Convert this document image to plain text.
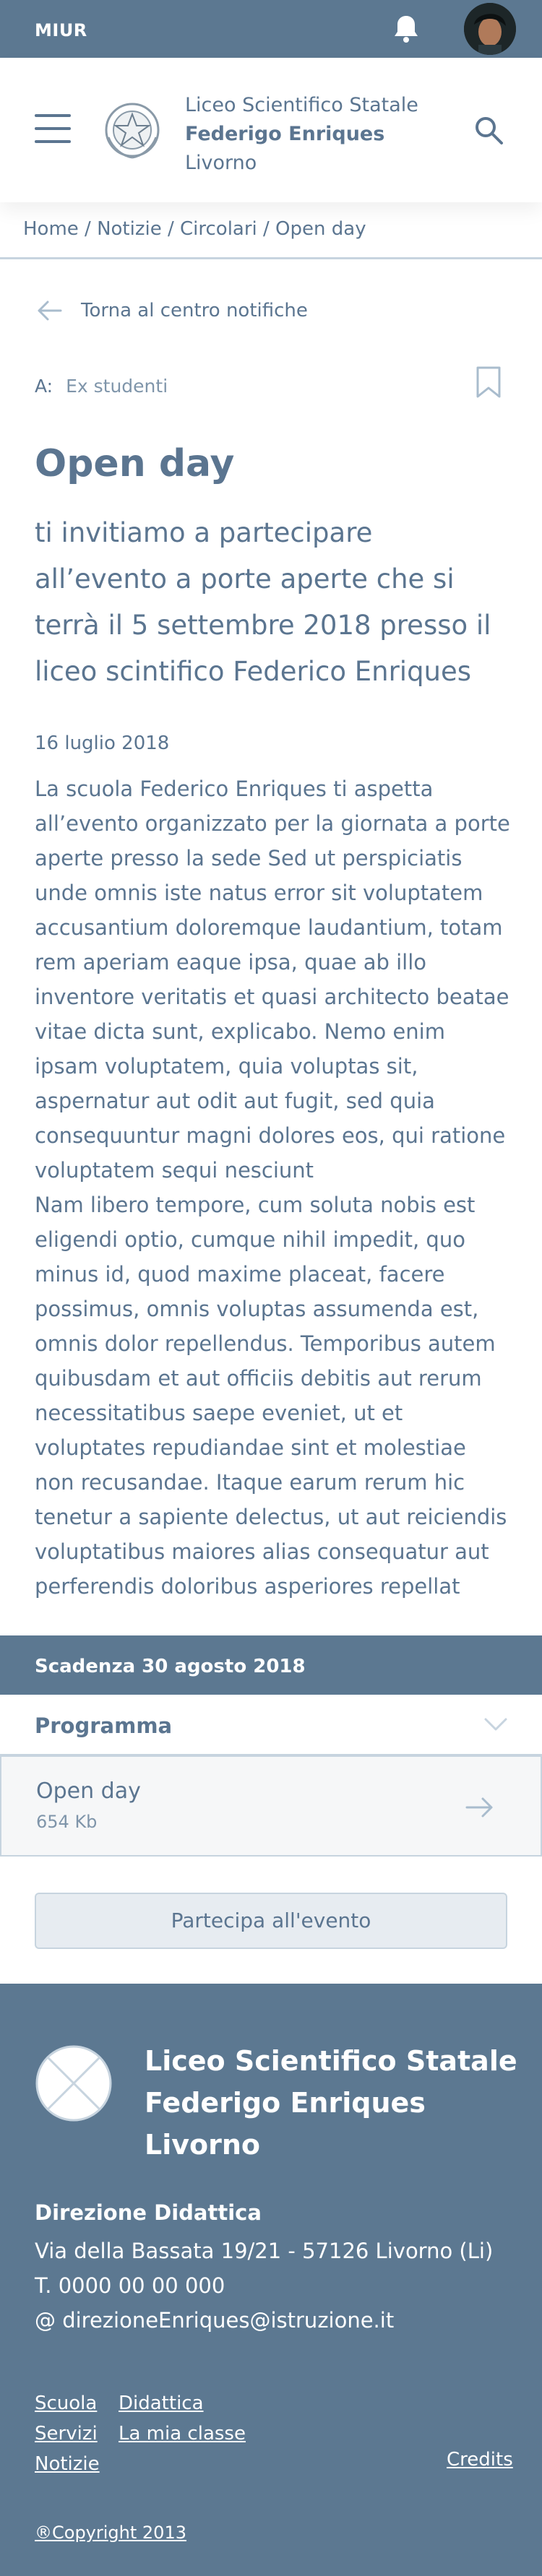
MIUR
Liceo Scientifico Statale
Federigo Enriques
Livorno
Home / Notizie / Circolari / Open day
Torna al centro notifiche
A: Ex studenti
Open day
ti invitiamo a partecipare all’evento a porte aperte che si terrà il 5 settembre 2018 presso il liceo scintifico Federico Enriques
16 luglio 2018

La scuola Federico Enriques ti aspetta all’evento organizzato per la giornata a porte aperte presso la sede Sed ut perspiciatis unde omnis iste natus error sit voluptatem accusantium doloremque laudantium, totam rem aperiam eaque ipsa, quae ab illo inventore veritatis et quasi architecto beatae vitae dicta sunt, explicabo. Nemo enim ipsam voluptatem, quia voluptas sit, aspernatur aut odit aut fugit, sed quia consequuntur magni dolores eos, qui ratione voluptatem sequi nesciunt

Nam libero tempore, cum soluta nobis est eligendi optio, cumque nihil impedit, quo minus id, quod maxime placeat, facere possimus, omnis voluptas assumenda est, omnis dolor repellendus. Temporibus autem quibusdam et aut officiis debitis aut rerum necessitatibus saepe eveniet, ut et voluptates repudiandae sint et molestiae non recusandae. Itaque earum rerum hic tenetur a sapiente delectus, ut aut reiciendis voluptatibus maiores alias consequatur aut perferendis doloribus asperiores repellat

Scadenza 30 agosto 2018
Programma
Open day
654 Kb
Partecipa all'evento
Liceo Scientifico Statale
Federigo Enriques
Livorno
Direzione Didattica
Via della Bassata 19/21 - 57126 Livorno (Li)
T. 0000 00 00 000
@ direzioneEnriques@istruzione.it
Scuola
Servizi
Notizie
Didattica
La mia classe
Credits
®Copyright 2013
